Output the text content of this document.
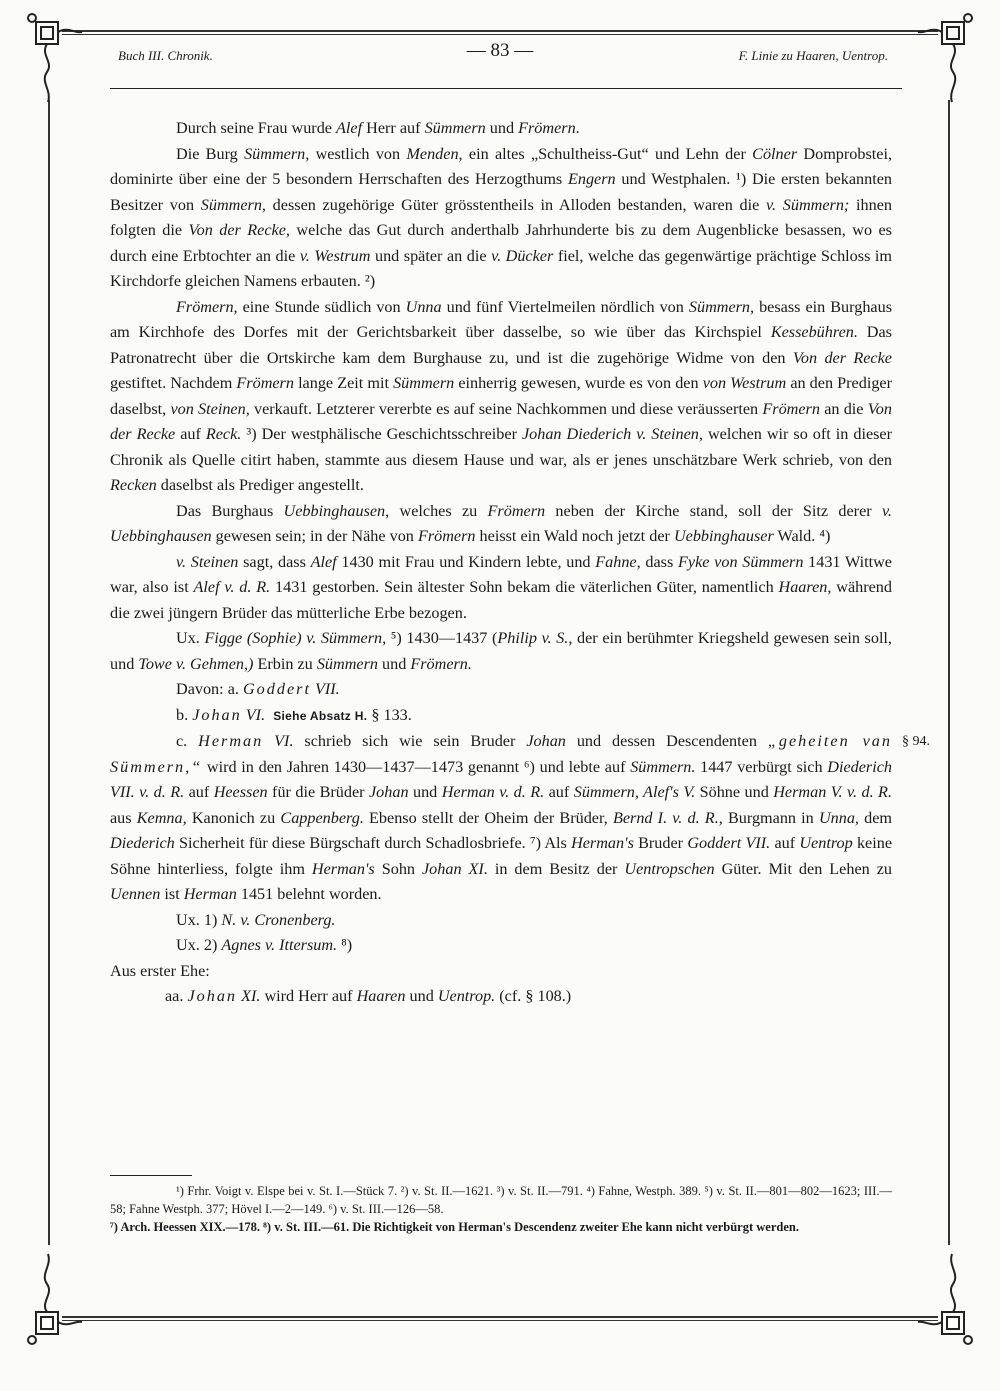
Buch III. Chronik.	— 83 —	F. Linie zu Haaren, Uentrop.

Durch seine Frau wurde Alef Herr auf Sümmern und Frömern.

Die Burg Sümmern, westlich von Menden, ein altes „Schultheiss-Gut“ und Lehn der Cölner Domprobstei, dominirte über eine der 5 besondern Herrschaften des Herzogthums Engern und Westphalen. ¹) Die ersten bekannten Besitzer von Sümmern, dessen zugehörige Güter grösstentheils in Alloden bestanden, waren die v. Sümmern; ihnen folgten die Von der Recke, welche das Gut durch anderthalb Jahrhunderte bis zu dem Augenblicke besassen, wo es durch eine Erbtochter an die v. Westrum und später an die v. Dücker fiel, welche das gegenwärtige prächtige Schloss im Kirchdorfe gleichen Namens erbauten. ²)

Frömern, eine Stunde südlich von Unna und fünf Viertelmeilen nördlich von Sümmern, besass ein Burghaus am Kirchhofe des Dorfes mit der Gerichtsbarkeit über dasselbe, so wie über das Kirchspiel Kessebühren. Das Patronatrecht über die Ortskirche kam dem Burghause zu, und ist die zugehörige Widme von den Von der Recke gestiftet. Nachdem Frömern lange Zeit mit Sümmern einherrig gewesen, wurde es von den von Westrum an den Prediger daselbst, von Steinen, verkauft. Letzterer vererbte es auf seine Nachkommen und diese veräusserten Frömern an die Von der Recke auf Reck. ³) Der westphälische Geschichtsschreiber Johan Diederich v. Steinen, welchen wir so oft in dieser Chronik als Quelle citirt haben, stammte aus diesem Hause und war, als er jenes unschätzbare Werk schrieb, von den Recken daselbst als Prediger angestellt.

Das Burghaus Uebbinghausen, welches zu Frömern neben der Kirche stand, soll der Sitz derer v. Uebbinghausen gewesen sein; in der Nähe von Frömern heisst ein Wald noch jetzt der Uebbinghauser Wald. ⁴)

v. Steinen sagt, dass Alef 1430 mit Frau und Kindern lebte, und Fahne, dass Fyke von Sümmern 1431 Wittwe war, also ist Alef v. d. R. 1431 gestorben. Sein ältester Sohn bekam die väterlichen Güter, namentlich Haaren, während die zwei jüngern Brüder das mütterliche Erbe bezogen.

Ux. Figge (Sophie) v. Sümmern, ⁵) 1430—1437 (Philip v. S., der ein berühmter Kriegsheld gewesen sein soll, und Towe v. Gehmen,) Erbin zu Sümmern und Frömern.

Davon: a. Goddert VII.

b. Johan VI. Siehe Absatz H. § 133.

§ 94.
c. Herman VI. schrieb sich wie sein Bruder Johan und dessen Descendenten „geheiten van Sümmern,“ wird in den Jahren 1430—1437—1473 genannt ⁶) und lebte auf Sümmern. 1447 verbürgt sich Diederich VII. v. d. R. auf Heessen für die Brüder Johan und Herman v. d. R. auf Sümmern, Alef's V. Söhne und Herman V. v. d. R. aus Kemna, Kanonich zu Cappenberg. Ebenso stellt der Oheim der Brüder, Bernd I. v. d. R., Burgmann in Unna, dem Diederich Sicherheit für diese Bürgschaft durch Schadlosbriefe. ⁷) Als Herman's Bruder Goddert VII. auf Uentrop keine Söhne hinterliess, folgte ihm Herman's Sohn Johan XI. in dem Besitz der Uentropschen Güter. Mit den Lehen zu Uennen ist Herman 1451 belehnt worden.

Ux. 1) N. v. Cronenberg.

Ux. 2) Agnes v. Ittersum. ⁸)

Aus erster Ehe:

aa. Johan XI. wird Herr auf Haaren und Uentrop. (cf. § 108.)

¹) Frhr. Voigt v. Elspe bei v. St. I.—Stück 7. ²) v. St. II.—1621. ³) v. St. II.—791. ⁴) Fahne, Westph. 389. ⁵) v. St. II.—801—802—1623; III.—58; Fahne Westph. 377; Hövel I.—2—149. ⁶) v. St. III.—126—58.

⁷) Arch. Heessen XIX.—178. ⁸) v. St. III.—61. Die Richtigkeit von Herman's Descendenz zweiter Ehe kann nicht verbürgt werden.
